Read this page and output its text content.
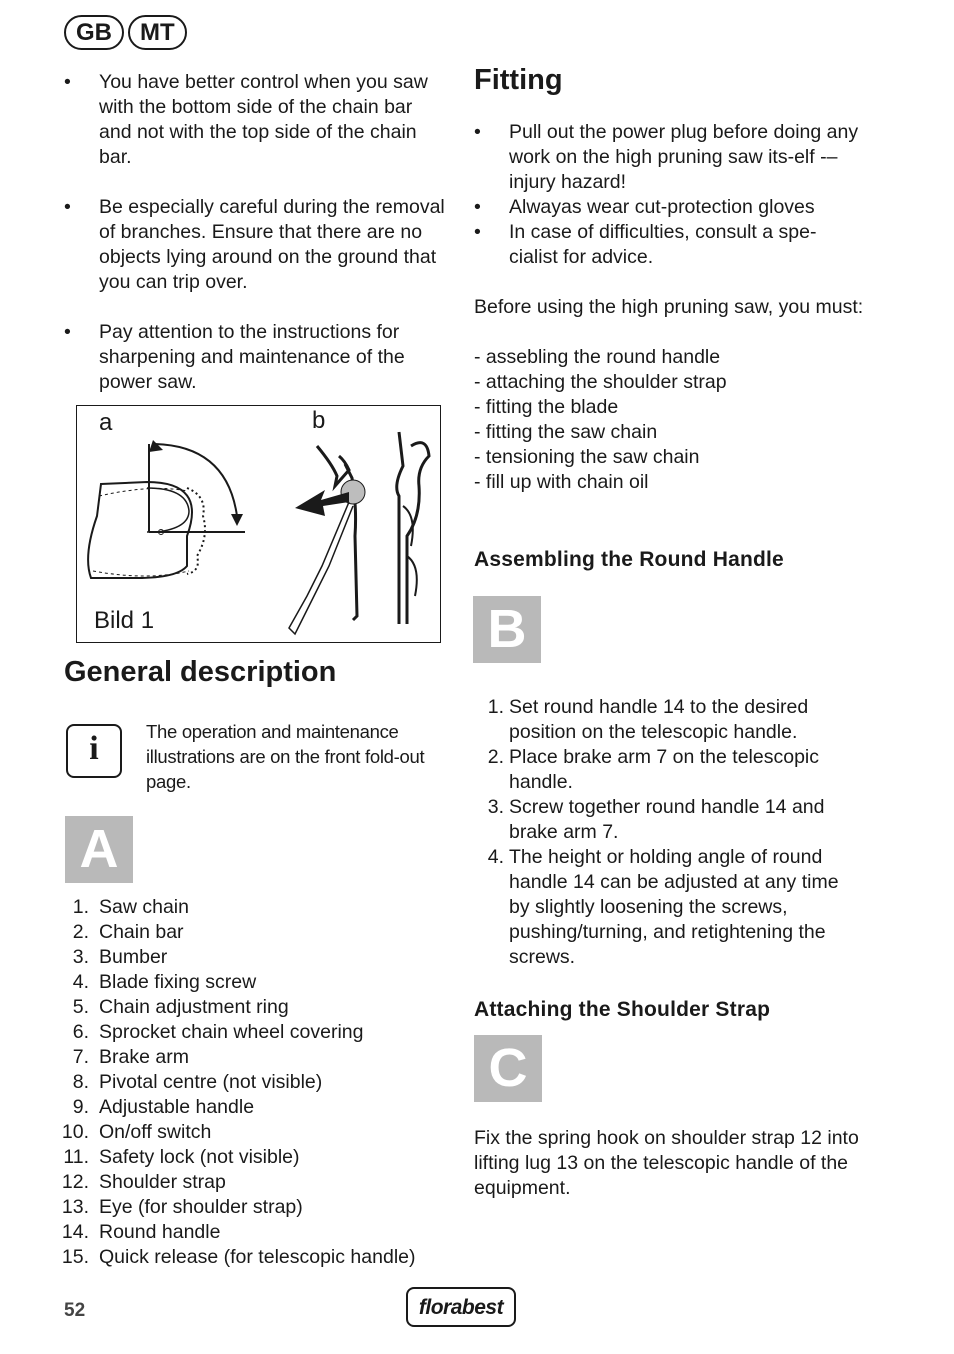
GB	MT
• You have better control when you saw with the bottom side of the chain bar and not with the top side of the chain bar.
• Be especially careful during the removal of branches. Ensure that there are no objects lying around on the ground that you can trip over.
• Pay attention to the instructions for sharpening and maintenance of the power saw.
a	b
Bild 1
General description
i	The operation and maintenance illustrations are on the front fold-out page.
A
1. Saw chain
2. Chain bar
3. Bumber
4. Blade fixing screw
5. Chain adjustment ring
6. Sprocket chain wheel covering
7. Brake arm
8. Pivotal centre (not visible)
9. Adjustable handle
10. On/off switch
11. Safety lock (not visible)
12. Shoulder strap
13. Eye (for shoulder strap)
14. Round handle
15. Quick release (for telescopic handle)
Fitting
• Pull out the power plug before doing any work on the high pruning saw its-elf -– injury hazard!
• Alwayas wear cut-protection gloves
• In case of difficulties, consult a spe-cialist for advice.

Before using the high pruning saw, you must:

- assebling the round handle
- attaching the shoulder strap
- fitting the blade
- fitting the saw chain
- tensioning the saw chain
- fill up with chain oil
Assembling the Round Handle
B
1. Set round handle 14 to the desired position on the telescopic handle.
2. Place brake arm 7 on the telescopic handle.
3. Screw together round handle 14 and brake arm 7.
4. The height or holding angle of round handle 14 can be adjusted at any time by slightly loosening the screws, pushing/turning, and retightening the screws.
Attaching the Shoulder Strap
C

Fix the spring hook on shoulder strap 12 into lifting lug 13 on the telescopic handle of the equipment.

52	florabest
